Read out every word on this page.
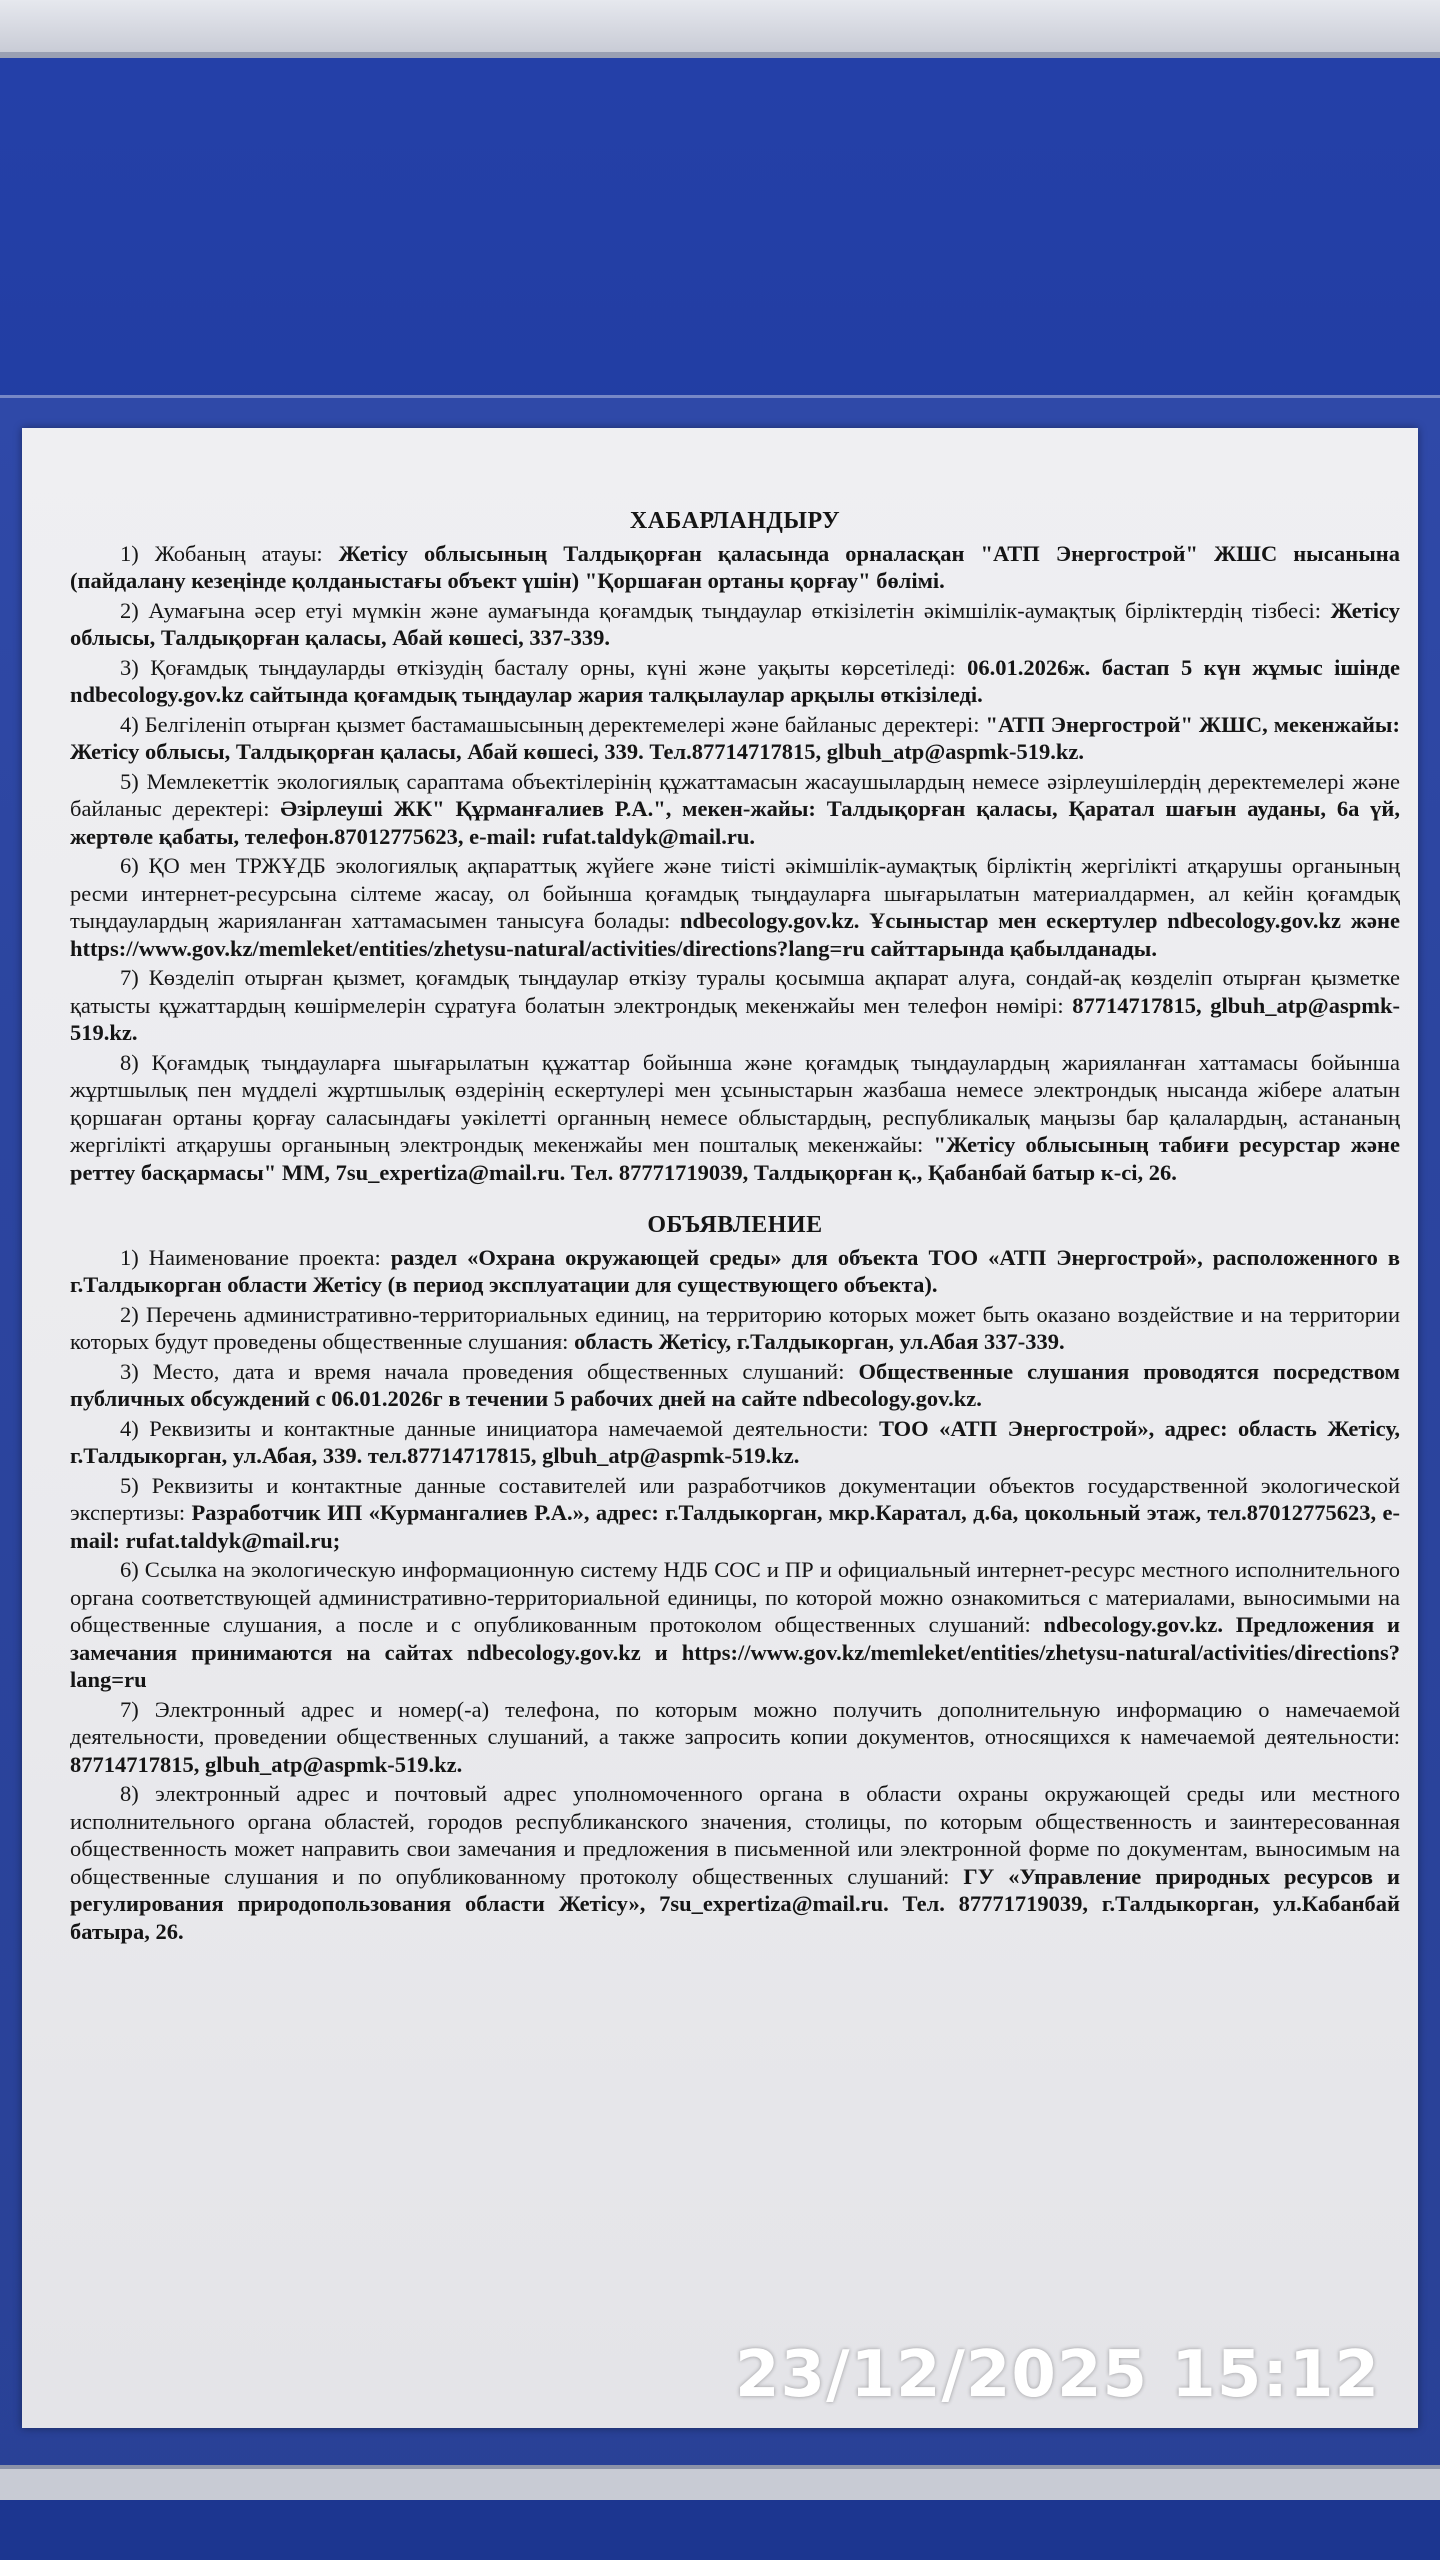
ХАБАРЛАНДЫРУ

1) Жобаның атауы: Жетісу облысының Талдықорған қаласында орналасқан "АТП Энергострой" ЖШС нысанына (пайдалану кезеңінде қолданыстағы объект үшін) "Қоршаған ортаны қорғау" бөлімі.

2) Аумағына әсер етуі мүмкін және аумағында қоғамдық тыңдаулар өткізілетін әкімшілік-аумақтық бірліктердің тізбесі: Жетісу облысы, Талдықорған қаласы, Абай көшесі, 337-339.

3) Қоғамдық тыңдауларды өткізудің басталу орны, күні және уақыты көрсетіледі: 06.01.2026ж. бастап 5 күн жұмыс ішінде ndbecology.gov.kz сайтында қоғамдық тыңдаулар жария талқылаулар арқылы өткізіледі.

4) Белгіленіп отырған қызмет бастамашысының деректемелері және байланыс деректері: "АТП Энергострой" ЖШС, мекенжайы: Жетісу облысы, Талдықорған қаласы, Абай көшесі, 339. Тел.87714717815, glbuh_atp@aspmk-519.kz.

5) Мемлекеттік экологиялық сараптама объектілерінің құжаттамасын жасаушылардың немесе әзірлеушілердің деректемелері және байланыс деректері: Әзірлеуші ЖК" Құрманғалиев Р.А.", мекен-жайы: Талдықорған қаласы, Қаратал шағын ауданы, 6а үй, жертөле қабаты, телефон.87012775623, e-mail: rufat.taldyk@mail.ru.

6) ҚО мен ТРЖҰДБ экологиялық ақпараттық жүйеге және тиісті әкімшілік-аумақтық бірліктің жергілікті атқарушы органының ресми интернет-ресурсына сілтеме жасау, ол бойынша қоғамдық тыңдауларға шығарылатын материалдармен, ал кейін қоғамдық тыңдаулардың жарияланған хаттамасымен танысуға болады: ndbecology.gov.kz. Ұсыныстар мен ескертулер ndbecology.gov.kz және https://www.gov.kz/memleket/entities/zhetysu-natural/activities/directions?lang=ru сайттарында қабылданады.

7) Көзделіп отырған қызмет, қоғамдық тыңдаулар өткізу туралы қосымша ақпарат алуға, сондай-ақ көзделіп отырған қызметке қатысты құжаттардың көшірмелерін сұратуға болатын электрондық мекенжайы мен телефон нөмірі: 87714717815, glbuh_atp@aspmk-519.kz.

8) Қоғамдық тыңдауларға шығарылатын құжаттар бойынша және қоғамдық тыңдаулардың жарияланған хаттамасы бойынша жұртшылық пен мүдделі жұртшылық өздерінің ескертулері мен ұсыныстарын жазбаша немесе электрондық нысанда жібере алатын қоршаған ортаны қорғау саласындағы уәкілетті органның немесе облыстардың, республикалық маңызы бар қалалардың, астананың жергілікті атқарушы органының электрондық мекенжайы мен пошталық мекенжайы: "Жетісу облысының табиғи ресурстар және реттеу басқармасы" ММ, 7su_expertiza@mail.ru. Тел. 87771719039, Талдықорған қ., Қабанбай батыр к-сі, 26.

ОБЪЯВЛЕНИЕ

1) Наименование проекта: раздел «Охрана окружающей среды» для объекта ТОО «АТП Энергострой», расположенного в г.Талдыкорган области Жетісу (в период эксплуатации для существующего объекта).

2) Перечень административно-территориальных единиц, на территорию которых может быть оказано воздействие и на территории которых будут проведены общественные слушания: область Жетісу, г.Талдыкорган, ул.Абая 337-339.

3) Место, дата и время начала проведения общественных слушаний: Общественные слушания проводятся посредством публичных обсуждений с 06.01.2026г в течении 5 рабочих дней на сайте ndbecology.gov.kz.

4) Реквизиты и контактные данные инициатора намечаемой деятельности: ТОО «АТП Энергострой», адрес: область Жетісу, г.Талдыкорган, ул.Абая, 339. тел.87714717815, glbuh_atp@aspmk-519.kz.

5) Реквизиты и контактные данные составителей или разработчиков документации объектов государственной экологической экспертизы: Разработчик ИП «Курмангалиев Р.А.», адрес: г.Талдыкорган, мкр.Каратал, д.6а, цокольный этаж, тел.87012775623, e-mail: rufat.taldyk@mail.ru;

6) Ссылка на экологическую информационную систему НДБ СОС и ПР и официальный интернет-ресурс местного исполнительного органа соответствующей административно-территориальной единицы, по которой можно ознакомиться с материалами, выносимыми на общественные слушания, а после и с опубликованным протоколом общественных слушаний: ndbecology.gov.kz. Предложения и замечания принимаются на сайтах ndbecology.gov.kz и https://www.gov.kz/memleket/entities/zhetysu-natural/activities/directions?lang=ru

7) Электронный адрес и номер(-а) телефона, по которым можно получить дополнительную информацию о намечаемой деятельности, проведении общественных слушаний, а также запросить копии документов, относящихся к намечаемой деятельности: 87714717815, glbuh_atp@aspmk-519.kz.

8) электронный адрес и почтовый адрес уполномоченного органа в области охраны окружающей среды или местного исполнительного органа областей, городов республиканского значения, столицы, по которым общественность и заинтересованная общественность может направить свои замечания и предложения в письменной или электронной форме по документам, выносимым на общественные слушания и по опубликованному протоколу общественных слушаний: ГУ «Управление природных ресурсов и регулирования природопользования области Жетісу», 7su_expertiza@mail.ru. Тел. 87771719039, г.Талдыкорган, ул.Кабанбай батыра, 26.

23/12/2025 15:12
